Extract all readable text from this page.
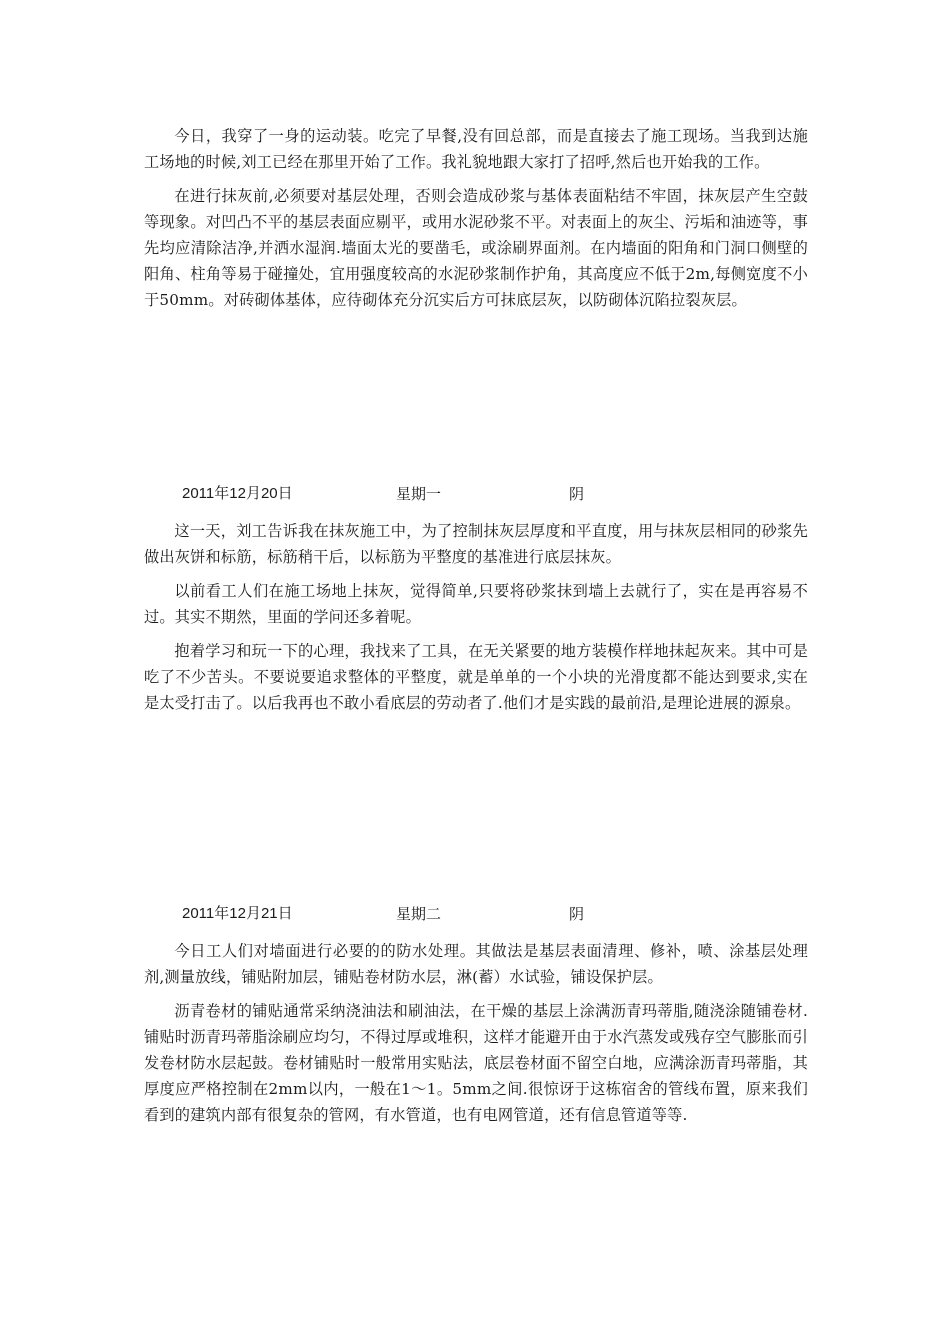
今日，我穿了一身的运动装。吃完了早餐,没有回总部，而是直接去了施工现场。当我到达施工场地的时候,刘工已经在那里开始了工作。我礼貌地跟大家打了招呼,然后也开始我的工作。

在进行抹灰前,必须要对基层处理，否则会造成砂浆与基体表面粘结不牢固，抹灰层产生空鼓等现象。对凹凸不平的基层表面应剔平，或用水泥砂浆不平。对表面上的灰尘、污垢和油迹等，事先均应清除洁净,并洒水湿润.墙面太光的要凿毛，或涂刷界面剂。在内墙面的阳角和门洞口侧壁的阳角、柱角等易于碰撞处，宜用强度较高的水泥砂浆制作护角，其高度应不低于2m,每侧宽度不小于50mm。对砖砌体基体，应待砌体充分沉实后方可抹底层灰，以防砌体沉陷拉裂灰层。

2011年12月20日	星期一	阴

这一天，刘工告诉我在抹灰施工中，为了控制抹灰层厚度和平直度，用与抹灰层相同的砂浆先做出灰饼和标筋，标筋稍干后，以标筋为平整度的基准进行底层抹灰。

以前看工人们在施工场地上抹灰，觉得简单,只要将砂浆抹到墙上去就行了，实在是再容易不过。其实不期然，里面的学问还多着呢。

抱着学习和玩一下的心理，我找来了工具，在无关紧要的地方装模作样地抹起灰来。其中可是吃了不少苦头。不要说要追求整体的平整度，就是单单的一个小块的光滑度都不能达到要求,实在是太受打击了。以后我再也不敢小看底层的劳动者了.他们才是实践的最前沿,是理论进展的源泉。

2011年12月21日	星期二	阴

今日工人们对墙面进行必要的的防水处理。其做法是基层表面清理、修补，喷、涂基层处理剂,测量放线，铺贴附加层，铺贴卷材防水层，淋(蓄）水试验，铺设保护层。

沥青卷材的铺贴通常采纳浇油法和刷油法，在干燥的基层上涂满沥青玛蒂脂,随浇涂随铺卷材.铺贴时沥青玛蒂脂涂刷应均匀，不得过厚或堆积，这样才能避开由于水汽蒸发或残存空气膨胀而引发卷材防水层起鼓。卷材铺贴时一般常用实贴法，底层卷材面不留空白地，应满涂沥青玛蒂脂，其厚度应严格控制在2mm以内，一般在1～1。5mm之间.很惊讶于这栋宿舍的管线布置，原来我们看到的建筑内部有很复杂的管网，有水管道，也有电网管道，还有信息管道等等.
